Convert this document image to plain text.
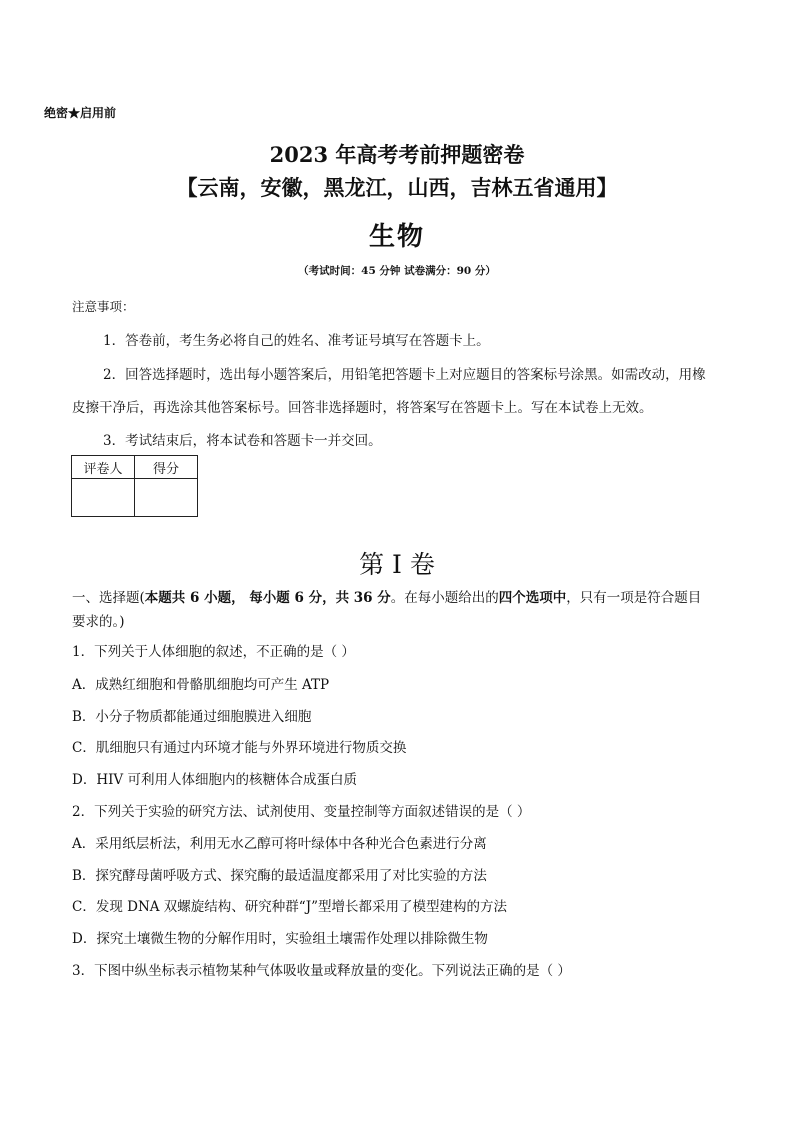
绝密★启用前
2023 年高考考前押题密卷
【云南，安徽，黑龙江，山西，吉林五省通用】
生物
（考试时间：45 分钟 试卷满分：90 分）
注意事项：
1．答卷前，考生务必将自己的姓名、准考证号填写在答题卡上。
2．回答选择题时，选出每小题答案后，用铅笔把答题卡上对应题目的答案标号涂黑。如需改动，用橡
皮擦干净后，再选涂其他答案标号。回答非选择题时，将答案写在答题卡上。写在本试卷上无效。
3．考试结束后，将本试卷和答题卡一并交回。
评卷人	得分

第 I 卷
一、选择题(本题共 6 小题， 每小题 6 分，共 36 分。在每小题给出的四个选项中，只有一项是符合题目
要求的。)
1．下列关于人体细胞的叙述，不正确的是（ ）
A．成熟红细胞和骨骼肌细胞均可产生 ATP
B．小分子物质都能通过细胞膜进入细胞
C．肌细胞只有通过内环境才能与外界环境进行物质交换
D．HIV 可利用人体细胞内的核糖体合成蛋白质
2．下列关于实验的研究方法、试剂使用、变量控制等方面叙述错误的是（ ）
A．采用纸层析法，利用无水乙醇可将叶绿体中各种光合色素进行分离
B．探究酵母菌呼吸方式、探究酶的最适温度都采用了对比实验的方法
C．发现 DNA 双螺旋结构、研究种群“J”型增长都采用了模型建构的方法
D．探究土壤微生物的分解作用时，实验组土壤需作处理以排除微生物
3．下图中纵坐标表示植物某种气体吸收量或释放量的变化。下列说法正确的是（ ）
